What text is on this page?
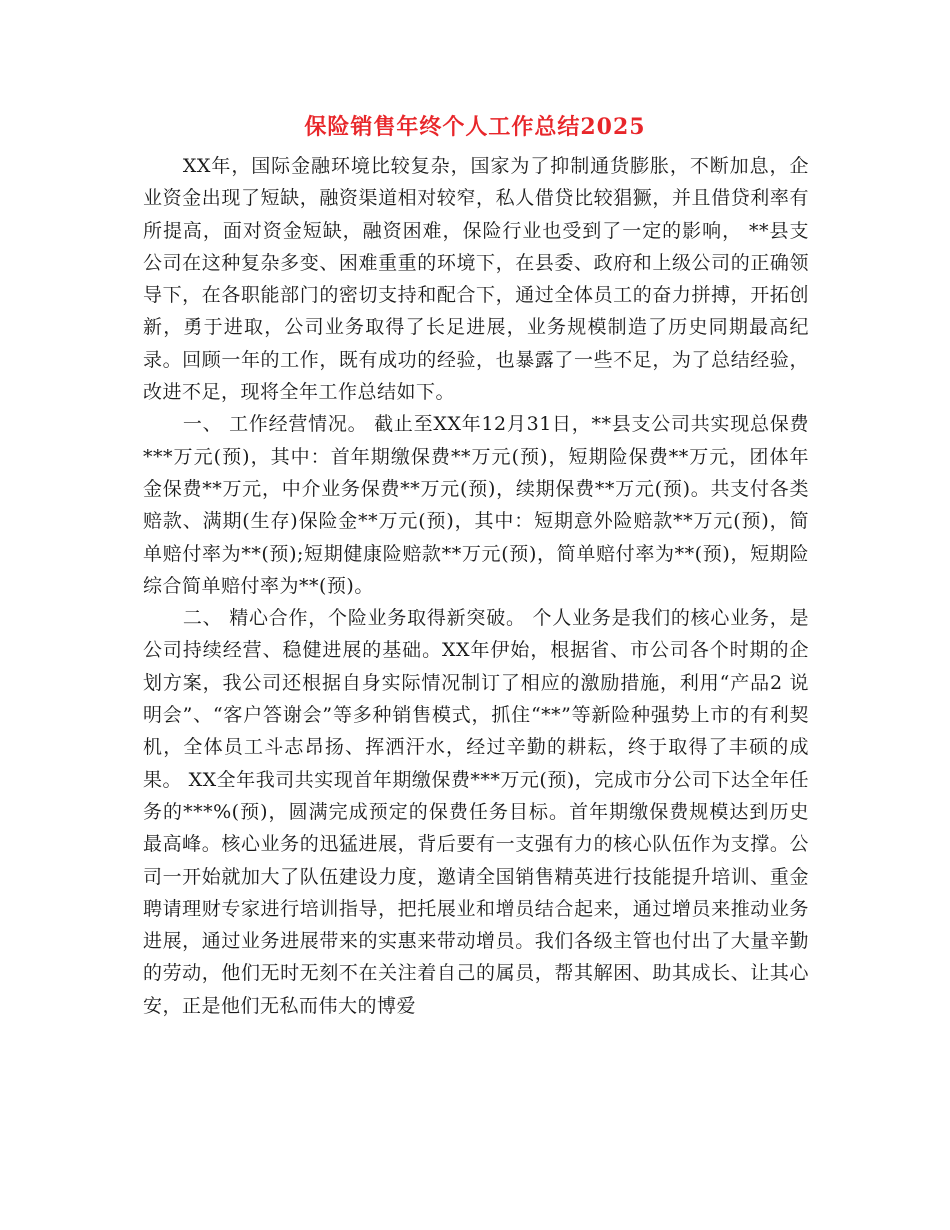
保险销售年终个人工作总结2025

XX年，国际金融环境比较复杂，国家为了抑制通货膨胀，不断加息，企业资金出现了短缺，融资渠道相对较窄，私人借贷比较猖獗，并且借贷利率有所提高，面对资金短缺，融资困难，保险行业也受到了一定的影响， **县支公司在这种复杂多变、困难重重的环境下，在县委、政府和上级公司的正确领导下，在各职能部门的密切支持和配合下，通过全体员工的奋力拼搏，开拓创新，勇于进取，公司业务取得了长足进展，业务规模制造了历史同期最高纪录。回顾一年的工作，既有成功的经验，也暴露了一些不足，为了总结经验，改进不足，现将全年工作总结如下。

一、 工作经营情况。 截止至XX年12月31日，**县支公司共实现总保费***万元(预)，其中：首年期缴保费**万元(预)，短期险保费**万元，团体年金保费**万元，中介业务保费**万元(预)，续期保费**万元(预)。共支付各类赔款、满期(生存)保险金**万元(预)，其中：短期意外险赔款**万元(预)，简单赔付率为**(预);短期健康险赔款**万元(预)，简单赔付率为**(预)，短期险综合简单赔付率为**(预)。

二、 精心合作，个险业务取得新突破。 个人业务是我们的核心业务，是公司持续经营、稳健进展的基础。XX年伊始，根据省、市公司各个时期的企划方案，我公司还根据自身实际情况制订了相应的激励措施，利用“产品2 说明会”、“客户答谢会”等多种销售模式，抓住“**”等新险种强势上市的有利契机，全体员工斗志昂扬、挥洒汗水，经过辛勤的耕耘，终于取得了丰硕的成果。 XX全年我司共实现首年期缴保费***万元(预)，完成市分公司下达全年任务的***%(预)，圆满完成预定的保费任务目标。首年期缴保费规模达到历史最高峰。核心业务的迅猛进展，背后要有一支强有力的核心队伍作为支撑。公司一开始就加大了队伍建设力度，邀请全国销售精英进行技能提升培训、重金聘请理财专家进行培训指导，把托展业和增员结合起来，通过增员来推动业务进展，通过业务进展带来的实惠来带动增员。我们各级主管也付出了大量辛勤的劳动，他们无时无刻不在关注着自己的属员，帮其解困、助其成长、让其心安，正是他们无私而伟大的博爱
